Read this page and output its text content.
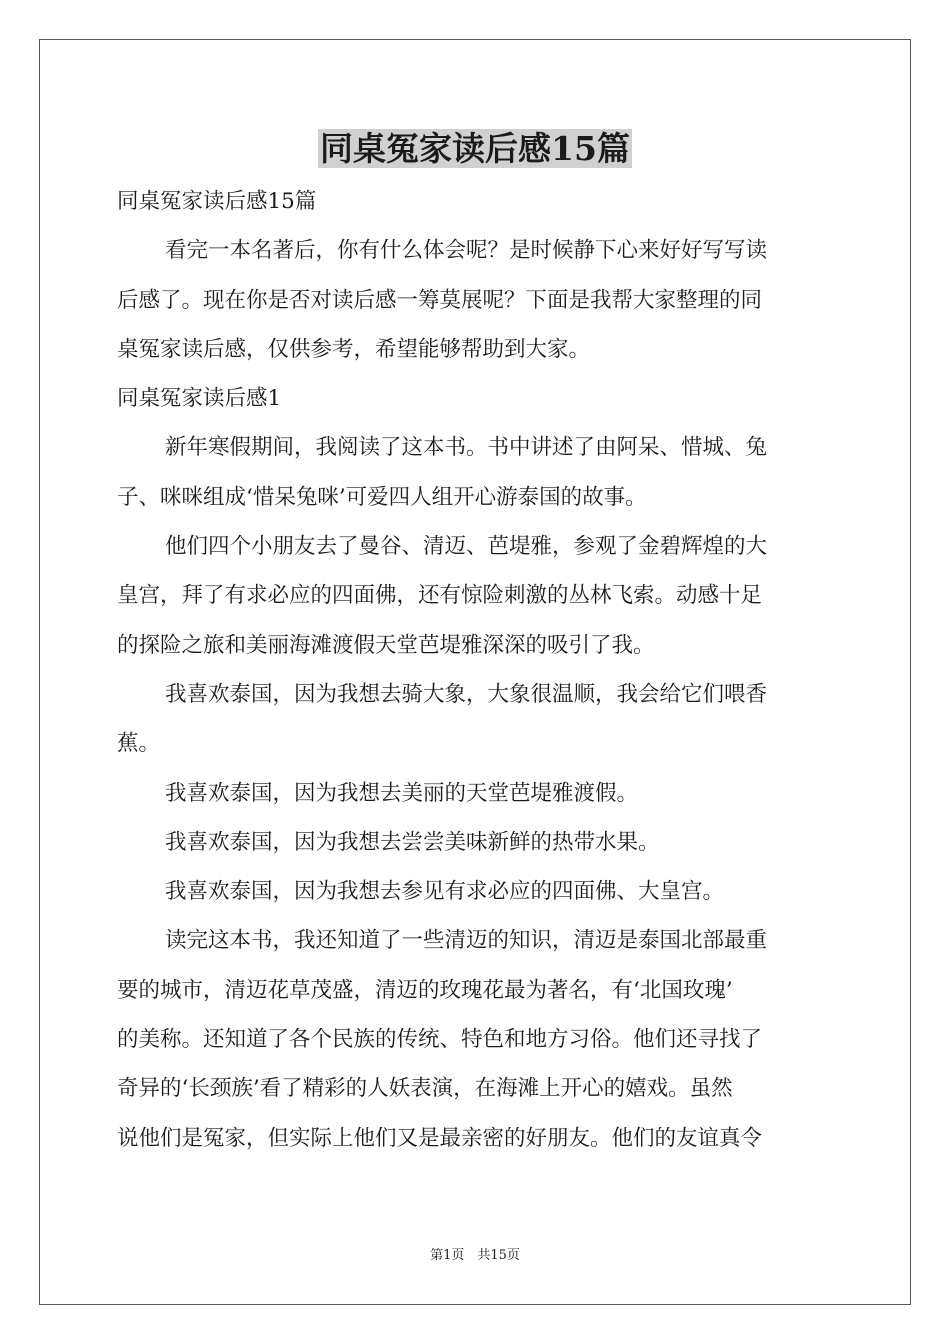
同桌冤家读后感15篇

同桌冤家读后感15篇

看完一本名著后，你有什么体会呢？是时候静下心来好好写写读

后感了。现在你是否对读后感一筹莫展呢？下面是我帮大家整理的同

桌冤家读后感，仅供参考，希望能够帮助到大家。

同桌冤家读后感1

新年寒假期间，我阅读了这本书。书中讲述了由阿呆、惜城、兔

子、咪咪组成‘惜呆兔咪’可爱四人组开心游泰国的故事。

他们四个小朋友去了曼谷、清迈、芭堤雅，参观了金碧辉煌的大

皇宫，拜了有求必应的四面佛，还有惊险刺激的丛林飞索。动感十足

的探险之旅和美丽海滩渡假天堂芭堤雅深深的吸引了我。

我喜欢泰国，因为我想去骑大象，大象很温顺，我会给它们喂香

蕉。

我喜欢泰国，因为我想去美丽的天堂芭堤雅渡假。

我喜欢泰国，因为我想去尝尝美味新鲜的热带水果。

我喜欢泰国，因为我想去参见有求必应的四面佛、大皇宫。

读完这本书，我还知道了一些清迈的知识，清迈是泰国北部最重

要的城市，清迈花草茂盛，清迈的玫瑰花最为著名，有‘北国玫瑰’

的美称。还知道了各个民族的传统、特色和地方习俗。他们还寻找了

奇异的‘长颈族’看了精彩的人妖表演，在海滩上开心的嬉戏。虽然

说他们是冤家，但实际上他们又是最亲密的好朋友。他们的友谊真令

第1页　共15页
